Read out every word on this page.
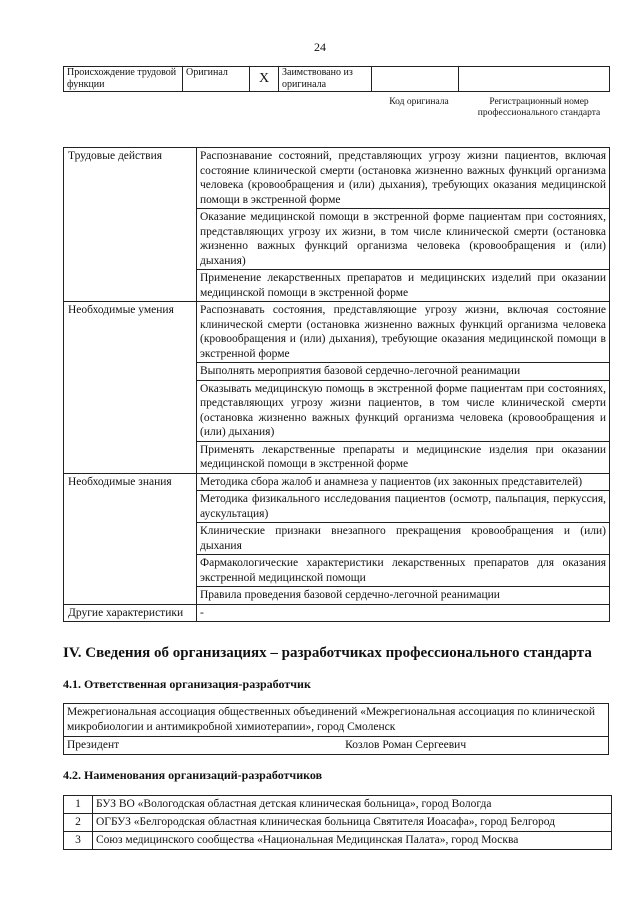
24
Происхождение трудовой функции	Оригинал	X	Заимствовано из оригинала		
Код оригинала	Регистрационный номер профессионального стандарта
Трудовые действия	Распознавание состояний, представляющих угрозу жизни пациентов, включая состояние клинической смерти (остановка жизненно важных функций организма человека (кровообращения и (или) дыхания), требующих оказания медицинской помощи в экстренной форме
	Оказание медицинской помощи в экстренной форме пациентам при состояниях, представляющих угрозу их жизни, в том числе клинической смерти (остановка жизненно важных функций организма человека (кровообращения и (или) дыхания)
	Применение лекарственных препаратов и медицинских изделий при оказании медицинской помощи в экстренной форме
Необходимые умения	Распознавать состояния, представляющие угрозу жизни, включая состояние клинической смерти (остановка жизненно важных функций организма человека (кровообращения и (или) дыхания), требующие оказания медицинской помощи в экстренной форме
	Выполнять мероприятия базовой сердечно-легочной реанимации
	Оказывать медицинскую помощь в экстренной форме пациентам при состояниях, представляющих угрозу жизни пациентов, в том числе клинической смерти (остановка жизненно важных функций организма человека (кровообращения и (или) дыхания)
	Применять лекарственные препараты и медицинские изделия при оказании медицинской помощи в экстренной форме
Необходимые знания	Методика сбора жалоб и анамнеза у пациентов (их законных представителей)
	Методика физикального исследования пациентов (осмотр, пальпация, перкуссия, аускультация)
	Клинические признаки внезапного прекращения кровообращения и (или) дыхания
	Фармакологические характеристики лекарственных препаратов для оказания экстренной медицинской помощи
	Правила проведения базовой сердечно-легочной реанимации
Другие характеристики	-
IV. Сведения об организациях – разработчиках профессионального стандарта
4.1. Ответственная организация-разработчик
Межрегиональная ассоциация общественных объединений «Межрегиональная ассоциация по клинической микробиологии и антимикробной химиотерапии», город Смоленск
Президент	Козлов Роман Сергеевич
4.2. Наименования организаций-разработчиков
1	БУЗ ВО «Вологодская областная детская клиническая больница», город Вологда
2	ОГБУЗ «Белгородская областная клиническая больница Святителя Иоасафа», город Белгород
3	Союз медицинского сообщества «Национальная Медицинская Палата», город Москва
